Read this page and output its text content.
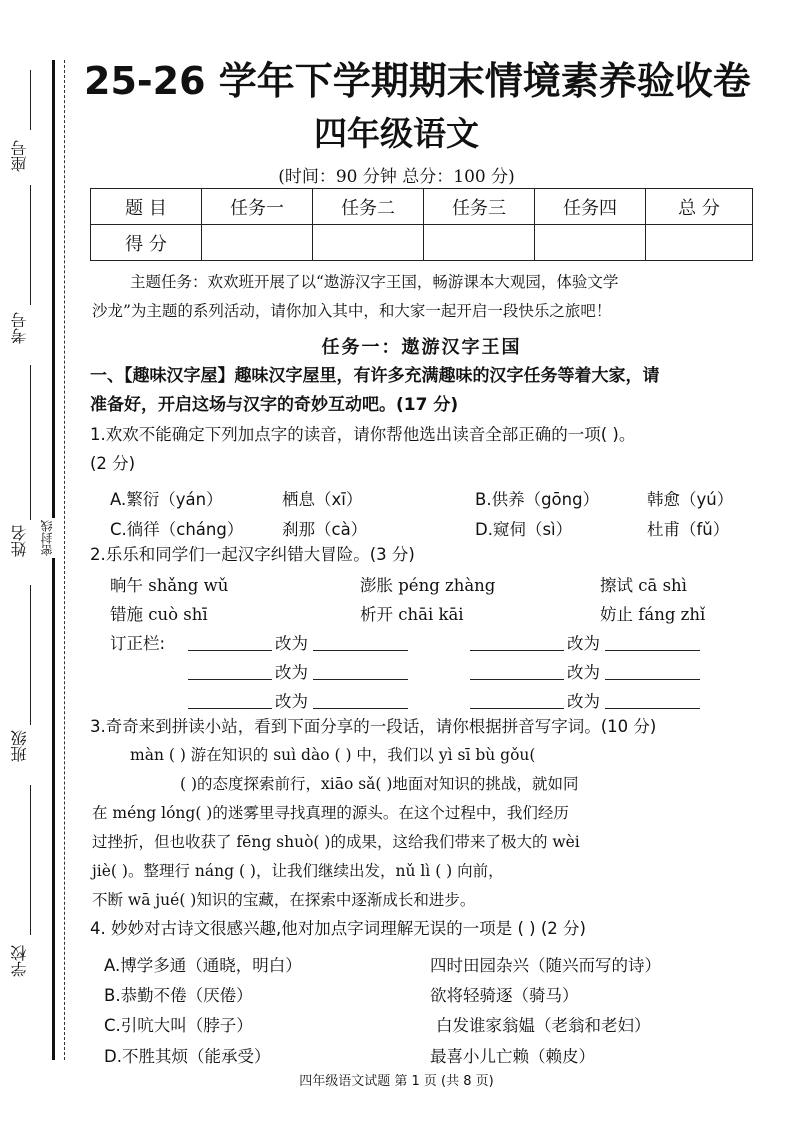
座号
考号
姓名
班级
学校
密封线
25-26 学年下学期期末情境素养验收卷
四年级语文
(时间：90 分钟 总分：100 分)
题 目	任务一	任务二	任务三	任务四	总 分
得 分					
主题任务：欢欢班开展了以“遨游汉字王国，畅游课本大观园，体验文学
沙龙”为主题的系列活动，请你加入其中，和大家一起开启一段快乐之旅吧！
任务一：遨游汉字王国
一、【趣味汉字屋】趣味汉字屋里，有许多充满趣味的汉字任务等着大家，请
准备好，开启这场与汉字的奇妙互动吧。(17 分)
1.欢欢不能确定下列加点字的读音，请你帮他选出读音全部正确的一项( )。
(2 分)
A.繁衍（yán）	栖息（xī）	B.供养（gōng）	韩愈（yú）
C.徜徉（cháng） 刹那（cà）	D.窥伺（sì）	杜甫（fǔ）
2.乐乐和同学们一起汉字纠错大冒险。(3 分)
晌午 shǎng wǔ	澎胀 péng zhàng	擦试 cā shì
错施 cuò shī	析开 chāi kāi	妨止 fáng zhǐ
订正栏:	改为	改为
改为	改为
改为	改为
3.奇奇来到拼读小站，看到下面分享的一段话，请你根据拼音写字词。(10 分)
màn ( ) 游在知识的 suì dào ( ) 中，我们以 yì sī bù gǒu(
( )的态度探索前行，xiāo sǎ( )地面对知识的挑战，就如同
在 méng lóng( )的迷雾里寻找真理的源头。在这个过程中，我们经历
过挫折，但也收获了 fēng shuò( )的成果，这给我们带来了极大的 wèi
jiè( )。整理行 náng ( )，让我们继续出发，nǔ lì ( ) 向前，
不断 wā jué( )知识的宝藏，在探索中逐渐成长和进步。
4. 妙妙对古诗文很感兴趣,他对加点字词理解无误的一项是 ( ) (2 分)
A.博学多通（通晓，明白）	四时田园杂兴（随兴而写的诗）
B.恭勤不倦（厌倦）	欲将轻骑逐（骑马）
C.引吭大叫（脖子）	白发谁家翁媪（老翁和老妇）
D.不胜其烦（能承受）	最喜小儿亡赖（赖皮）
四年级语文试题 第 1 页 (共 8 页)
